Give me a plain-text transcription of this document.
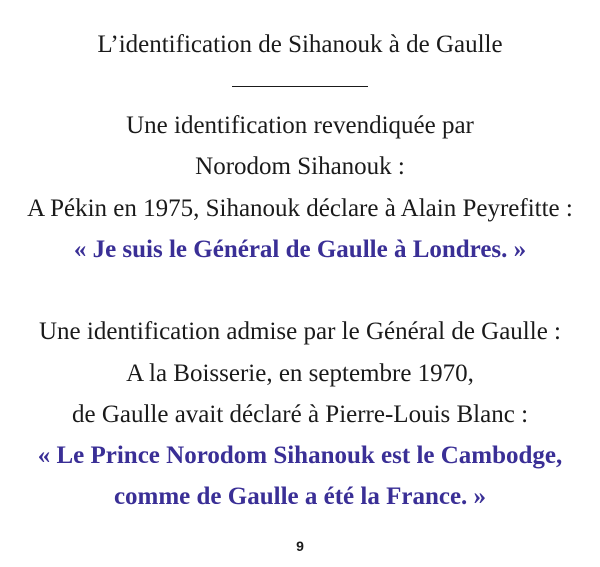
L’identification de Sihanouk à de Gaulle
Une identification revendiquée par
Norodom Sihanouk :
A Pékin en 1975, Sihanouk déclare à Alain Peyrefitte :
« Je suis le Général de Gaulle à Londres. »
Une identification admise par le Général de Gaulle :
A la Boisserie, en septembre 1970,
de Gaulle avait déclaré à Pierre-Louis Blanc :
« Le Prince Norodom Sihanouk est le Cambodge,
comme de Gaulle a été la France. »
9
